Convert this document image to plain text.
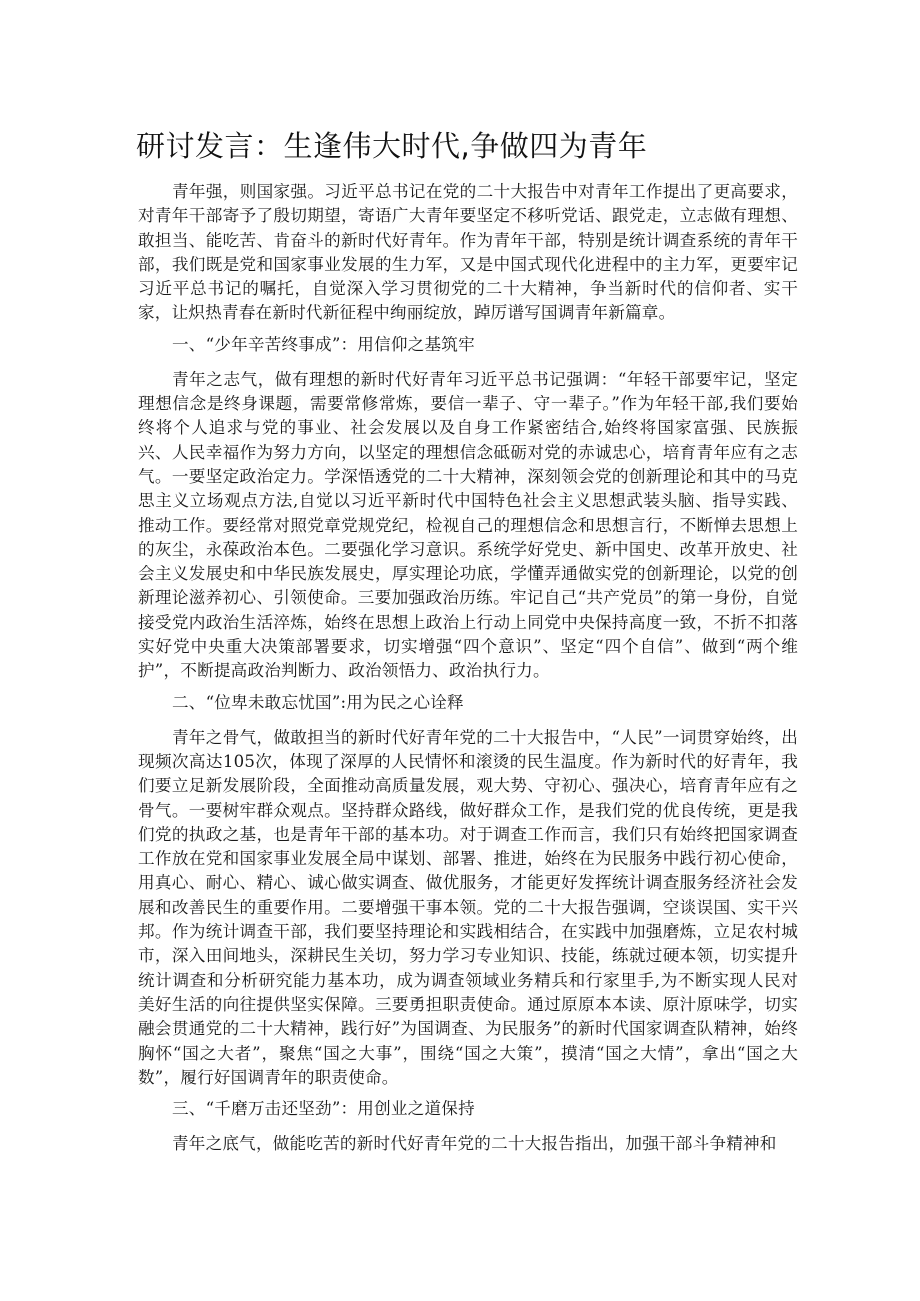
研讨发言：生逢伟大时代,争做四为青年

青年强，则国家强。习近平总书记在党的二十大报告中对青年工作提出了更高要求，对青年干部寄予了殷切期望，寄语广大青年要坚定不移听党话、跟党走，立志做有理想、敢担当、能吃苦、肯奋斗的新时代好青年。作为青年干部，特别是统计调查系统的青年干部，我们既是党和国家事业发展的生力军，又是中国式现代化进程中的主力军，更要牢记习近平总书记的嘱托，自觉深入学习贯彻党的二十大精神，争当新时代的信仰者、实干家，让炽热青春在新时代新征程中绚丽绽放，踔厉谱写国调青年新篇章。

一、“少年辛苦终事成”：用信仰之基筑牢

青年之志气，做有理想的新时代好青年习近平总书记强调：“年轻干部要牢记，坚定理想信念是终身课题，需要常修常炼，要信一辈子、守一辈子。”作为年轻干部,我们要始终将个人追求与党的事业、社会发展以及自身工作紧密结合,始终将国家富强、民族振兴、人民幸福作为努力方向，以坚定的理想信念砥砺对党的赤诚忠心，培育青年应有之志气。一要坚定政治定力。学深悟透党的二十大精神，深刻领会党的创新理论和其中的马克思主义立场观点方法,自觉以习近平新时代中国特色社会主义思想武装头脑、指导实践、推动工作。要经常对照党章党规党纪，检视自己的理想信念和思想言行，不断惮去思想上的灰尘，永葆政治本色。二要强化学习意识。系统学好党史、新中国史、改革开放史、社会主义发展史和中华民族发展史，厚实理论功底，学懂弄通做实党的创新理论，以党的创新理论滋养初心、引领使命。三要加强政治历练。牢记自己“共产党员”的第一身份，自觉接受党内政治生活淬炼，始终在思想上政治上行动上同党中央保持高度一致，不折不扣落实好党中央重大决策部署要求，切实增强“四个意识”、坚定“四个自信”、做到“两个维护”，不断提高政治判断力、政治领悟力、政治执行力。

二、“位卑未敢忘忧国”:用为民之心诠释

青年之骨气，做敢担当的新时代好青年党的二十大报告中，“人民”一词贯穿始终，出现频次高达105次，体现了深厚的人民情怀和滚烫的民生温度。作为新时代的好青年，我们要立足新发展阶段，全面推动高质量发展，观大势、守初心、强决心，培育青年应有之骨气。一要树牢群众观点。坚持群众路线，做好群众工作，是我们党的优良传统，更是我们党的执政之基，也是青年干部的基本功。对于调查工作而言，我们只有始终把国家调查工作放在党和国家事业发展全局中谋划、部署、推进，始终在为民服务中践行初心使命，用真心、耐心、精心、诚心做实调查、做优服务，才能更好发挥统计调查服务经济社会发展和改善民生的重要作用。二要增强干事本领。党的二十大报告强调，空谈误国、实干兴邦。作为统计调查干部，我们要坚持理论和实践相结合，在实践中加强磨炼，立足农村城市，深入田间地头，深耕民生关切，努力学习专业知识、技能，练就过硬本领，切实提升统计调查和分析研究能力基本功，成为调查领域业务精兵和行家里手,为不断实现人民对美好生活的向往提供坚实保障。三要勇担职责使命。通过原原本本读、原汁原味学，切实融会贯通党的二十大精神，践行好”为国调查、为民服务”的新时代国家调查队精神，始终胸怀“国之大者”，聚焦“国之大事”，围绕“国之大策”，摸清“国之大情”，拿出“国之大数”，履行好国调青年的职责使命。

三、“千磨万击还坚劲”：用创业之道保持

青年之底气，做能吃苦的新时代好青年党的二十大报告指出，加强干部斗争精神和
